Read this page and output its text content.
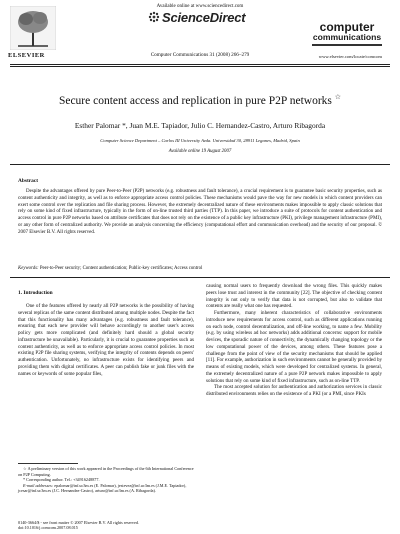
ELSEVIER
Available online at www.sciencedirect.com
ScienceDirect
computer
communications
Computer Communications 31 (2008) 266–279	www.elsevier.com/locate/comcom
Secure content access and replication in pure P2P networks ☆
Esther Palomar *, Juan M.E. Tapiador, Julio C. Hernandez-Castro, Arturo Ribagorda
Computer Science Department – Carlos III University Avda. Universidad 30, 28911 Leganes, Madrid, Spain
Available online 19 August 2007
Abstract
Despite the advantages offered by pure Peer-to-Peer (P2P) networks (e.g. robustness and fault tolerance), a crucial requirement is to guarantee basic security properties, such as content authenticity and integrity, as well as to enforce appropriate access control policies. These mechanisms would pave the way for new models in which content providers can exert some control over the replication and file sharing process. However, the extremely decentralized nature of these environments makes impossible to apply classic solutions that rely on some kind of fixed infrastructure, typically in the form of on-line trusted third parties (TTP). In this paper, we introduce a suite of protocols for content authentication and access control in pure P2P networks based on attribute certificates that does not rely on the existence of a public key infrastructure (PKI), privilege management infrastructure (PMI), or any other form of centralized authority. We provide an analysis concerning the efficiency (computational effort and communication overhead) and the security of our proposal. © 2007 Elsevier B.V. All rights reserved.
Keywords: Peer-to-Peer security; Content authentication; Public-key certificates; Access control
1. Introduction

One of the features offered by nearly all P2P networks is the possibility of having several replicas of the same content distributed among multiple nodes. Despite the fact that this functionality has many advantages (e.g. robustness and fault tolerance), ensuring that each new provider will behave accordingly to another user's access policy gets more complicated (and definitely hard should a global security infrastructure be unavailable). Particularly, it is crucial to guarantee properties such as content authenticity, as well as to enforce appropriate access control policies. In most existing P2P file sharing systems, verifying the integrity of contents depends on peers' authentication. Unfortunately, no infrastructure exists for identifying peers and providing them with digital certificates. A peer can publish fake or junk files with the names or keywords of some popular files,

causing normal users to frequently download the wrong files. This quickly makes peers lose trust and interest in the community [22]. The objective of checking content integrity is not only to verify that data is not corrupted, but also to validate that contents are really what one has requested.

Furthermore, many inherent characteristics of collaborative environments introduce new requirements for access control, such as different applications running on each node, control decentralization, and off-line working, to name a few. Mobility (e.g. by using wireless ad hoc networks) adds additional concerns: support for mobile devices, the sporadic nature of connectivity, the dynamically changing topology or the low computational power of the devices, among others. These features pose a challenge from the point of view of the security mechanisms that should be applied [11]. For example, authorization in such environments cannot be generally provided by means of existing models, which were developed for centralized systems. In general, the extremely decentralized nature of a pure P2P network makes impossible to apply solutions that rely on some kind of fixed infrastructure, such as on-line TTP.

The most accepted solution for authentication and authorization services in classic distributed environments relies on the existence of a PKI (or a PMI, since PKIs

☆ A preliminary version of this work appeared in the Proceedings of the 6th International Conference on P2P Computing.
* Corresponding author. Tel.: +34916248877.
E-mail addresses: epalomar@inf.uc3m.es (E. Palomar), jestevez@inf.uc3m.es (J.M.E. Tapiador), jcesar@inf.uc3m.es (J.C. Hernandez-Castro), arturo@inf.uc3m.es (A. Ribagorda).
0140-3664/$ - see front matter © 2007 Elsevier B.V. All rights reserved.
doi:10.1016/j.comcom.2007.08.015
